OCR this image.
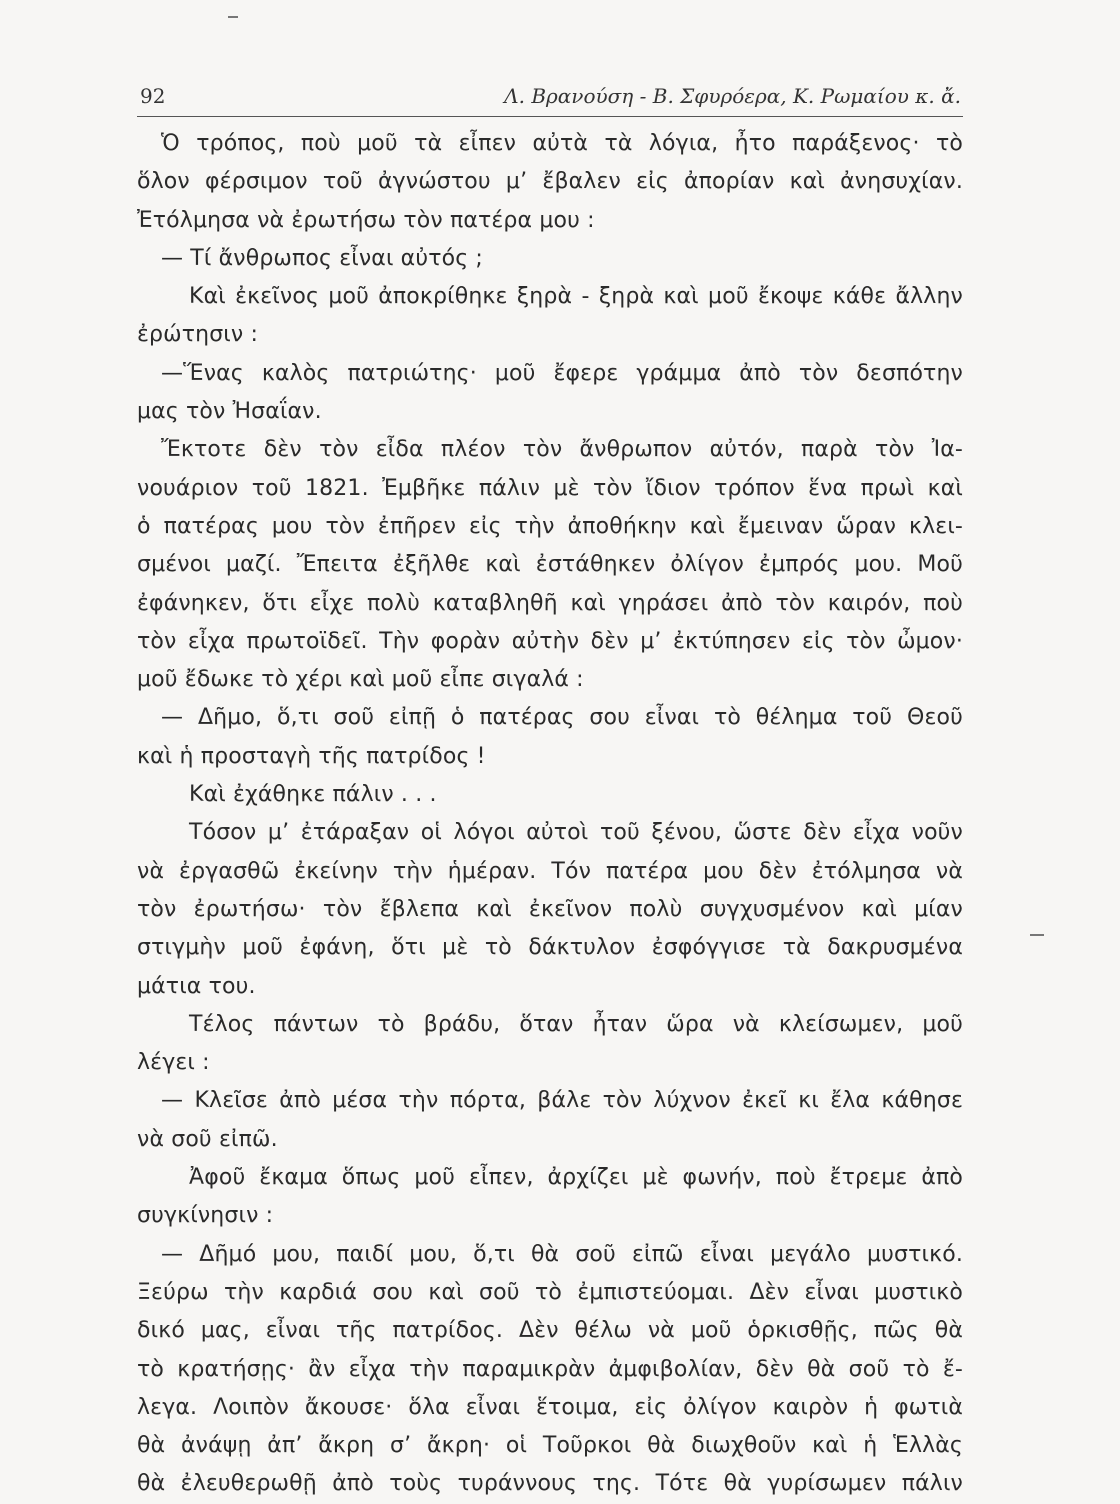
92	Λ. Βρανούση - Β. Σφυρόερα, Κ. Ρωμαίου κ. ἄ.
Ὁ τρόπος, ποὺ μοῦ τὰ εἶπεν αὐτὰ τὰ λόγια, ἦτο παράξενος· τὸ
ὅλον φέρσιμον τοῦ ἀγνώστου μ’ ἔβαλεν εἰς ἀπορίαν καὶ ἀνησυχίαν.
Ἐτόλμησα νὰ ἐρωτήσω τὸν πατέρα μου :
— Τί ἄνθρωπος εἶναι αὐτός ;
Καὶ ἐκεῖνος μοῦ ἀποκρίθηκε ξηρὰ - ξηρὰ καὶ μοῦ ἔκοψε κάθε ἄλλην
ἐρώτησιν :
—Ἕνας καλὸς πατριώτης· μοῦ ἔφερε γράμμα ἀπὸ τὸν δεσπότην
μας τὸν Ἠσαΐαν.
Ἔκτοτε δὲν τὸν εἶδα πλέον τὸν ἄνθρωπον αὐτόν, παρὰ τὸν Ἰα-
νουάριον τοῦ 1821. Ἐμβῆκε πάλιν μὲ τὸν ἴδιον τρόπον ἕνα πρωὶ καὶ
ὁ πατέρας μου τὸν ἐπῆρεν εἰς τὴν ἀποθήκην καὶ ἔμειναν ὥραν κλει-
σμένοι μαζί. Ἔπειτα ἐξῆλθε καὶ ἐστάθηκεν ὀλίγον ἐμπρός μου. Μοῦ
ἐφάνηκεν, ὅτι εἶχε πολὺ καταβληθῆ καὶ γηράσει ἀπὸ τὸν καιρόν, ποὺ
τὸν εἶχα πρωτοϊδεῖ. Τὴν φορὰν αὐτὴν δὲν μ’ ἐκτύπησεν εἰς τὸν ὦμον·
μοῦ ἔδωκε τὸ χέρι καὶ μοῦ εἶπε σιγαλά :
— Δῆμο, ὅ,τι σοῦ εἰπῇ ὁ πατέρας σου εἶναι τὸ θέλημα τοῦ Θεοῦ
καὶ ἡ προσταγὴ τῆς πατρίδος !
Καὶ ἐχάθηκε πάλιν . . .
Τόσον μ’ ἐτάραξαν οἱ λόγοι αὐτοὶ τοῦ ξένου, ὥστε δὲν εἶχα νοῦν
νὰ ἐργασθῶ ἐκείνην τὴν ἡμέραν. Τόν πατέρα μου δὲν ἐτόλμησα νὰ
τὸν ἐρωτήσω· τὸν ἔβλεπα καὶ ἐκεῖνον πολὺ συγχυσμένον καὶ μίαν
στιγμὴν μοῦ ἐφάνη, ὅτι μὲ τὸ δάκτυλον ἐσφόγγισε τὰ δακρυσμένα
μάτια του.
Τέλος πάντων τὸ βράδυ, ὅταν ἦταν ὥρα νὰ κλείσωμεν, μοῦ
λέγει :
— Κλεῖσε ἀπὸ μέσα τὴν πόρτα, βάλε τὸν λύχνον ἐκεῖ κι ἔλα κάθησε
νὰ σοῦ εἰπῶ.
Ἀφοῦ ἔκαμα ὅπως μοῦ εἶπεν, ἀρχίζει μὲ φωνήν, ποὺ ἔτρεμε ἀπὸ
συγκίνησιν :
— Δῆμό μου, παιδί μου, ὅ,τι θὰ σοῦ εἰπῶ εἶναι μεγάλο μυστικό.
Ξεύρω τὴν καρδιά σου καὶ σοῦ τὸ ἐμπιστεύομαι. Δὲν εἶναι μυστικὸ
δικό μας, εἶναι τῆς πατρίδος. Δὲν θέλω νὰ μοῦ ὁρκισθῇς, πῶς θὰ
τὸ κρατήσῃς· ἂν εἶχα τὴν παραμικρὰν ἀμφιβολίαν, δὲν θὰ σοῦ τὸ ἔ-
λεγα. Λοιπὸν ἄκουσε· ὅλα εἶναι ἕτοιμα, εἰς ὀλίγον καιρὸν ἡ φωτιὰ
θὰ ἀνάψῃ ἀπ’ ἄκρη σ’ ἄκρη· οἱ Τοῦρκοι θὰ διωχθοῦν καὶ ἡ Ἑλλὰς
θὰ ἐλευθερωθῇ ἀπὸ τοὺς τυράννους της. Τότε θὰ γυρίσωμεν πάλιν
